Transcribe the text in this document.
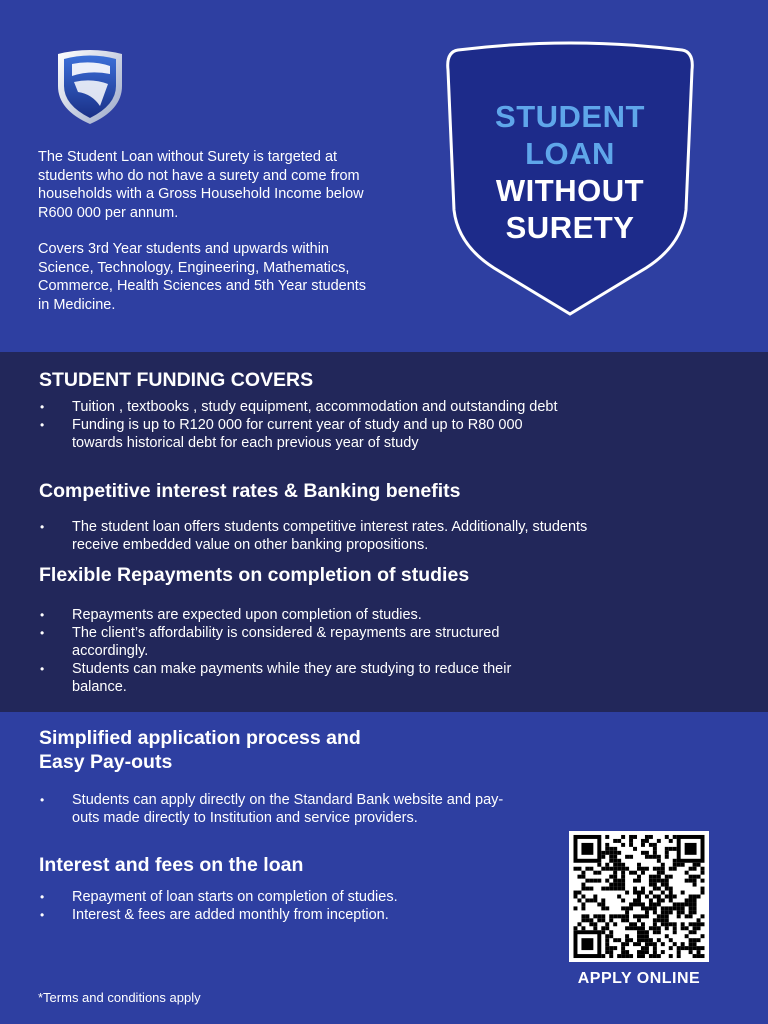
The Student Loan without Surety is targeted at students who do not have a surety and come from households with a Gross Household Income below R600 000 per annum.

Covers 3rd Year students and upwards within Science, Technology, Engineering, Mathematics, Commerce, Health Sciences and 5th Year students in Medicine.

STUDENT
LOAN
WITHOUT
SURETY
STUDENT FUNDING COVERS
• Tuition , textbooks , study equipment, accommodation and outstanding debt
• Funding is up to R120 000 for current year of study and up to R80 000 towards historical debt for each previous year of study
Competitive interest rates & Banking benefits
• The student loan offers students competitive interest rates. Additionally, students receive embedded value on other banking propositions.
Flexible Repayments on completion of studies
• Repayments are expected upon completion of studies.
• The client’s affordability is considered & repayments are structured accordingly.
• Students can make payments while they are studying to reduce their balance.
Simplified application process and
Easy Pay-outs
• Students can apply directly on the Standard Bank website and pay-outs made directly to Institution and service providers.
Interest and fees on the loan
• Repayment of loan starts on completion of studies.
• Interest & fees are added monthly from inception.
APPLY ONLINE
*Terms and conditions apply
